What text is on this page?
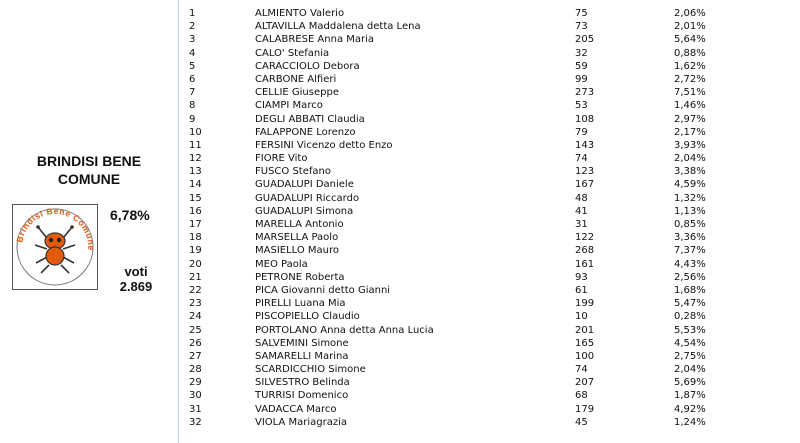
BRINDISI BENE
COMUNE
Brindisi Bene Comune
6,78%
voti
2.869
1	ALMIENTO Valerio	75	2,06%
2	ALTAVILLA Maddalena detta Lena	73	2,01%
3	CALABRESE Anna Maria	205	5,64%
4	CALO' Stefania	32	0,88%
5	CARACCIOLO Debora	59	1,62%
6	CARBONE Alfieri	99	2,72%
7	CELLIE Giuseppe	273	7,51%
8	CIAMPI Marco	53	1,46%
9	DEGLI ABBATI Claudia	108	2,97%
10	FALAPPONE Lorenzo	79	2,17%
11	FERSINI Vicenzo detto Enzo	143	3,93%
12	FIORE Vito	74	2,04%
13	FUSCO Stefano	123	3,38%
14	GUADALUPI Daniele	167	4,59%
15	GUADALUPI Riccardo	48	1,32%
16	GUADALUPI Simona	41	1,13%
17	MARELLA Antonio	31	0,85%
18	MARSELLA Paolo	122	3,36%
19	MASIELLO Mauro	268	7,37%
20	MEO Paola	161	4,43%
21	PETRONE Roberta	93	2,56%
22	PICA Giovanni detto Gianni	61	1,68%
23	PIRELLI Luana Mia	199	5,47%
24	PISCOPIELLO Claudio	10	0,28%
25	PORTOLANO Anna detta Anna Lucia	201	5,53%
26	SALVEMINI Simone	165	4,54%
27	SAMARELLI Marina	100	2,75%
28	SCARDICCHIO Simone	74	2,04%
29	SILVESTRO Belinda	207	5,69%
30	TURRISI Domenico	68	1,87%
31	VADACCA Marco	179	4,92%
32	VIOLA Mariagrazia	45	1,24%
